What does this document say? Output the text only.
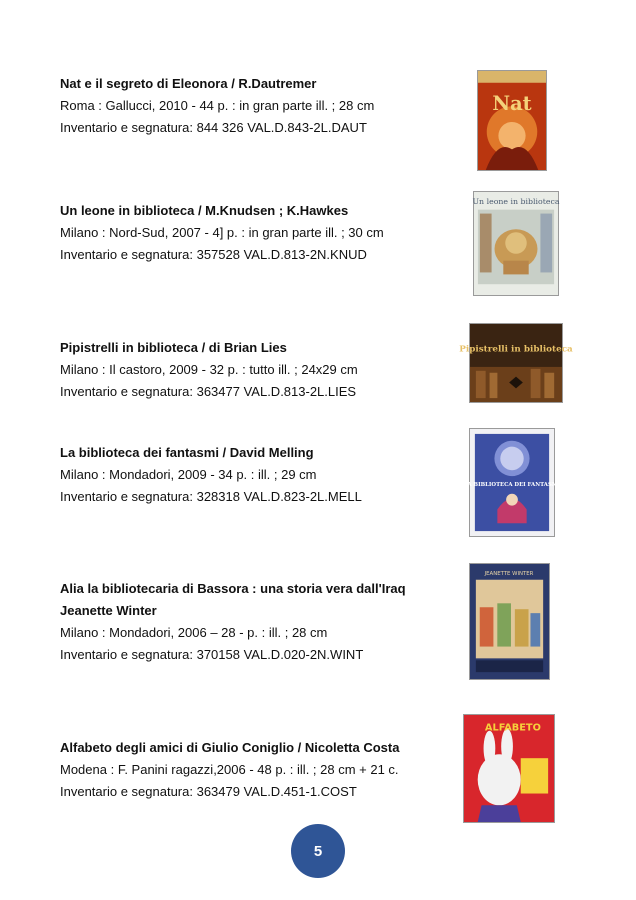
Nat e il segreto di Eleonora / R.Dautremer
Roma : Gallucci, 2010 - 44 p. : in gran parte ill. ; 28 cm
Inventario e segnatura: 844 326 VAL.D.843-2L.DAUT
Nat
Un leone in biblioteca / M.Knudsen ; K.Hawkes
Milano : Nord-Sud, 2007 - 4] p. : in gran parte ill. ; 30 cm
Inventario e segnatura: 357528 VAL.D.813-2N.KNUD
Un leone in biblioteca
Pipistrelli in biblioteca / di Brian Lies
Milano : Il castoro, 2009 - 32 p. : tutto ill. ; 24x29 cm
Inventario e segnatura: 363477 VAL.D.813-2L.LIES
Pipistrelli in biblioteca
La biblioteca dei fantasmi / David Melling
Milano : Mondadori, 2009 - 34 p. : ill. ; 29 cm
Inventario e segnatura: 328318 VAL.D.823-2L.MELL
LA BIBLIOTECA DEI FANTASMI
Alia la bibliotecaria di Bassora : una storia vera dall'Iraq
Jeanette Winter
Milano : Mondadori, 2006 – 28 - p. : ill. ; 28 cm
Inventario e segnatura: 370158 VAL.D.020-2N.WINT
JEANETTE WINTER
Alfabeto degli amici di Giulio Coniglio / Nicoletta Costa
Modena : F. Panini ragazzi,2006 - 48 p. : ill. ; 28 cm + 21 c.
Inventario e segnatura: 363479 VAL.D.451-1.COST
ALFABETO
5
